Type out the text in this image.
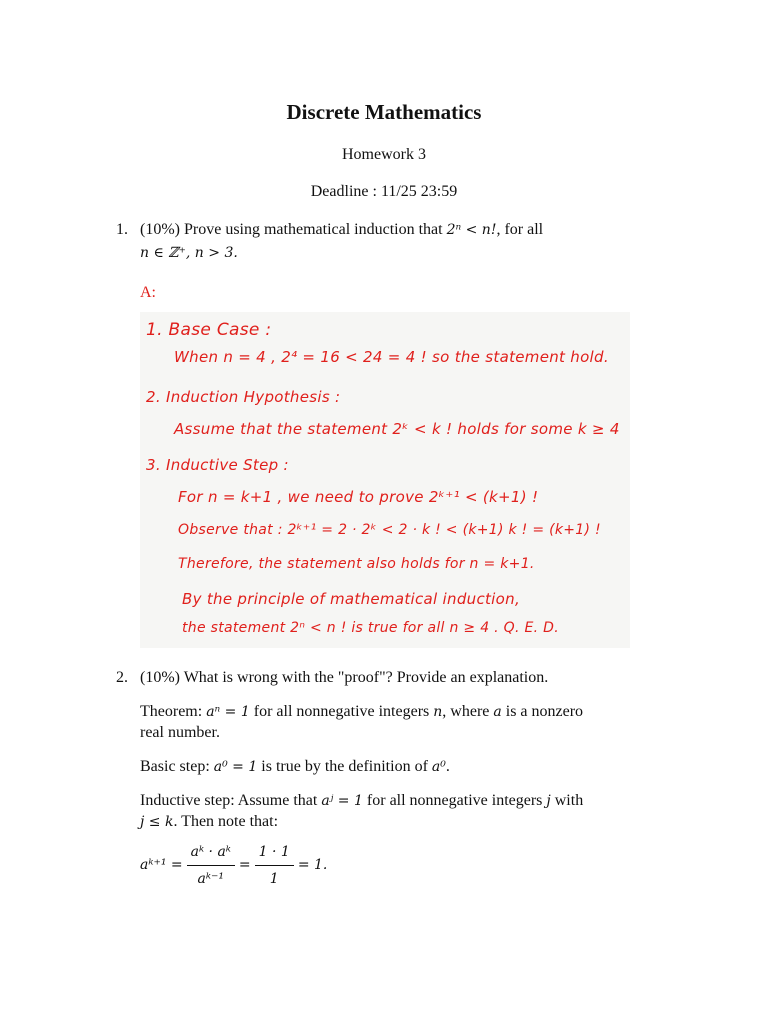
Discrete Mathematics
Homework 3
Deadline : 11/25 23:59
1. (10%) Prove using mathematical induction that 2ⁿ < n!, for all
n ∈ ℤ⁺, n > 3.
A:
1. Base Case :
When n = 4 , 2⁴ = 16 < 24 = 4 ! so the statement hold.
2. Induction Hypothesis :
Assume that the statement 2ᵏ < k ! holds for some k ≥ 4
3. Inductive Step :
For n = k+1 , we need to prove 2ᵏ⁺¹ < (k+1) !
Observe that : 2ᵏ⁺¹ = 2 · 2ᵏ < 2 · k ! < (k+1) k ! = (k+1) !
Therefore, the statement also holds for n = k+1.
By the principle of mathematical induction,
the statement 2ⁿ < n ! is true for all n ≥ 4 . Q. E. D.
2. (10%) What is wrong with the "proof"? Provide an explanation.
Theorem: aⁿ = 1 for all nonnegative integers n, where a is a nonzero
real number.
Basic step: a⁰ = 1 is true by the definition of a⁰.
Inductive step: Assume that aʲ = 1 for all nonnegative integers j with
j ≤ k. Then note that:
aᵏ⁺¹ = $\frac{\text{aᵏ · aᵏ}}{\text{aᵏ⁻¹}} = \frac{1 \cdot 1}{1} = 1$.
